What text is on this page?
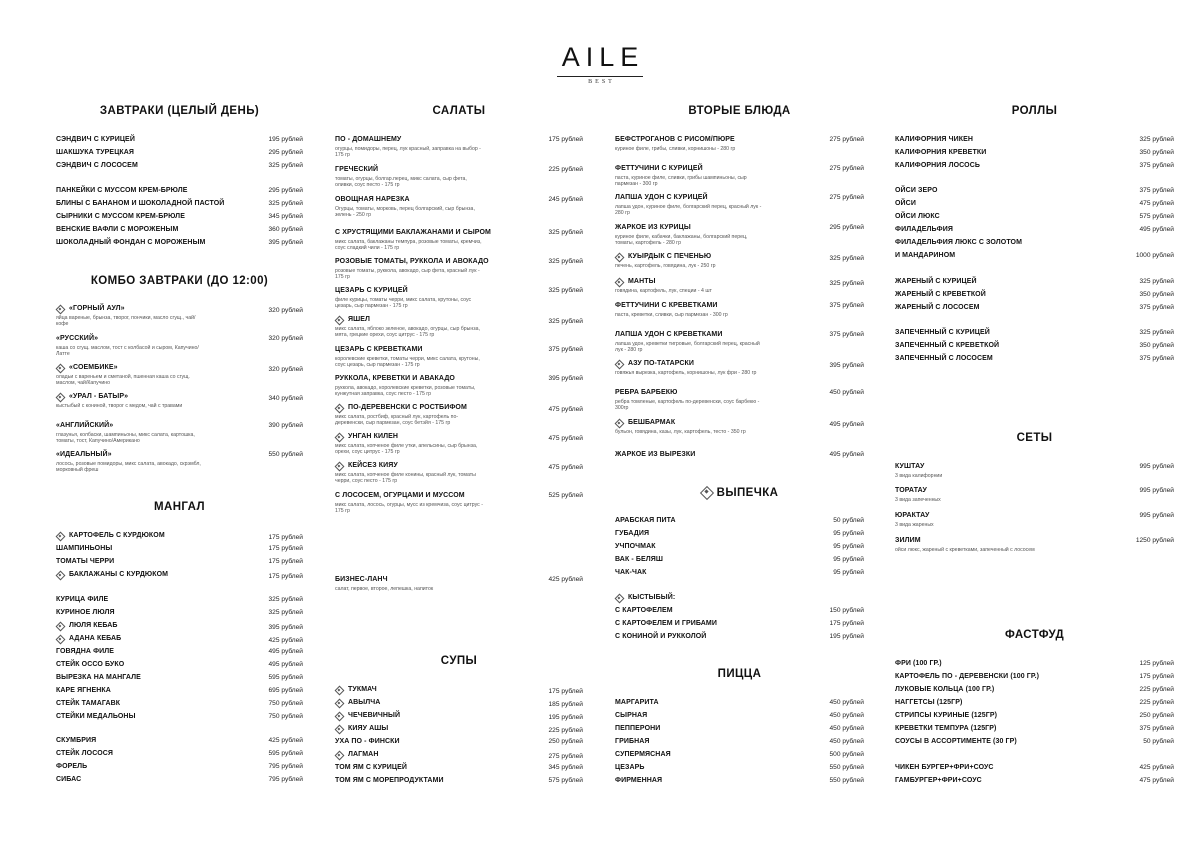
AILE
BEST
ЗАВТРАКИ (ЦЕЛЫЙ ДЕНЬ)
СЭНДВИЧ С КУРИЦЕЙ	195 рублей
ШАКШУКА ТУРЕЦКАЯ	295 рублей
СЭНДВИЧ С ЛОСОСЕМ	325 рублей
ПАНКЕЙКИ С МУССОМ КРЕМ-БРЮЛЕ	295 рублей
БЛИНЫ С БАНАНОМ И ШОКОЛАДНОЙ ПАСТОЙ	325 рублей
СЫРНИКИ С МУССОМ КРЕМ-БРЮЛЕ	345 рублей
ВЕНСКИЕ ВАФЛИ С МОРОЖЕНЫМ	360 рублей
ШОКОЛАДНЫЙ ФОНДАН С МОРОЖЕНЫМ	395 рублей
КОМБО ЗАВТРАКИ (ДО 12:00)
«ГОРНЫЙ АУЛ»	320 рублей
яйца вареные, брынза, творог, пончики, масло сгущ., чай/кофе
«РУССКИЙ»	320 рублей
каша со сгущ. маслом, тост с колбасой и сыром, Капучино/Латте
«СОЕМБИКЕ»	320 рублей
оладьи с вареньем и сметаной, пшенная каша со сгущ. маслом, чай/Капучино
«УРАЛ - БАТЫР»	340 рублей
кыстыбый с кониной, творог с медом, чай с травами
«АНГЛИЙСКИЙ»	390 рублей
глазунья, колбаски, шампиньоны, микс салата, картошка, томаты, тост, Капучино/Американо
«ИДЕАЛЬНЫЙ»	550 рублей
лосось, розовые помидоры, микс салата, авокадо, скрэмбл, морковный фреш
МАНГАЛ
КАРТОФЕЛЬ С КУРДЮКОМ	175 рублей
ШАМПИНЬОНЫ	175 рублей
ТОМАТЫ ЧЕРРИ	175 рублей
БАКЛАЖАНЫ С КУРДЮКОМ	175 рублей
КУРИЦА ФИЛЕ	325 рублей
КУРИНОЕ ЛЮЛЯ	325 рублей
ЛЮЛЯ КЕБАБ	395 рублей
АДАНА КЕБАБ	425 рублей
ГОВЯДНА ФИЛЕ	495 рублей
СТЕЙК ОССО БУКО	495 рублей
ВЫРЕЗКА НА МАНГАЛЕ	595 рублей
КАРЕ ЯГНЕНКА	695 рублей
СТЕЙК ТАМАГАВК	750 рублей
СТЕЙКИ МЕДАЛЬОНЫ	750 рублей
СКУМБРИЯ	425 рублей
СТЕЙК ЛОСОСЯ	595 рублей
ФОРЕЛЬ	795 рублей
СИБАС	795 рублей
САЛАТЫ
ПО - ДОМАШНЕМУ	175 рублей
огурцы, помидоры, перец, лук красный, заправка на выбор - 175 гр
ГРЕЧЕСКИЙ	225 рублей
томаты, огурцы, болгар.перец, микс салата, сыр фета, оливки, соус песто - 175 гр
ОВОЩНАЯ НАРЕЗКА	245 рублей
Огурцы, томаты, морковь, перец болгарский, сыр брынза, зелень - 250 гр
С ХРУСТЯЩИМИ БАКЛАЖАНАМИ И СЫРОМ	325 рублей
микс салата, баклажаны темпура, розовые томаты, кремчиз, соус сладкий чили - 175 гр
РОЗОВЫЕ ТОМАТЫ, РУККОЛА И АВОКАДО	325 рублей
розовые томаты, руккола, авокадо, сыр фета, красный лук - 175 гр
ЦЕЗАРЬ С КУРИЦЕЙ	325 рублей
филе курицы, томаты черри, микс салата, крутоны, соус цезарь, сыр пармезан - 175 гр
ЯШЕЛ	325 рублей
микс салата, яблоко зеленое, авокадо, огурцы, сыр брынза, мята, грецкие орехи, соус цитрус - 175 гр
ЦЕЗАРЬ С КРЕВЕТКАМИ	375 рублей
королевские креветки, томаты черри, микс салата, крутоны, соус цезарь, сыр пармезан - 175 гр
РУККОЛА, КРЕВЕТКИ И АВАКАДО	395 рублей
руккола, авокадо, королевские креветки, розовые томаты, кунжутная заправка, соус песто - 175 гр
ПО-ДЕРЕВЕНСКИ С РОСТБИФОМ	475 рублей
микс салата, ростбиф, красный лук, картофель по-деревенски, сыр пармезан, соус бетэйя - 175 гр
УНГАН КИЛЕН	475 рублей
микс салата, копченое филе утки, апельсины, сыр брынза, орехи, соус цитрус - 175 гр
КЕЙСЕЗ КИЯУ	475 рублей
микс салата, копченое филе конины, красный лук, томаты черри, соус песто - 175 гр
С ЛОСОСЕМ, ОГУРЦАМИ И МУССОМ	525 рублей
микс салата, лосось, огурцы, мусс из кремчиза, соус цитрус - 175 гр
БИЗНЕС-ЛАНЧ	425 рублей
салат, первое, второе, лепешка, напиток
СУПЫ
ТУКМАЧ	175 рублей
АВЫЛЧА	185 рублей
ЧЕЧЕВИЧНЫЙ	195 рублей
КИЯУ АШЫ	225 рублей
УХА ПО - ФИНСКИ	250 рублей
ЛАГМАН	275 рублей
ТОМ ЯМ С КУРИЦЕЙ	345 рублей
ТОМ ЯМ С МОРЕПРОДУКТАМИ	575 рублей
ВТОРЫЕ БЛЮДА
БЕФСТРОГАНОВ С РИСОМ/ПЮРЕ	275 рублей
куриное филе, грибы, сливки, корнишоны - 280 гр
ФЕТТУЧИНИ С КУРИЦЕЙ	275 рублей
паста, куриное филе, сливки, грибы шампиньоны, сыр пармезан - 300 гр
ЛАПША УДОН С КУРИЦЕЙ	275 рублей
лапша удон, куриное филе, болгарский перец, красный лук - 280 гр
ЖАРКОЕ ИЗ КУРИЦЫ	295 рублей
куриное филе, кабачки, баклажаны, болгарский перец, томаты, картофель - 280 гр
КУЫРДЫК С ПЕЧЕНЬЮ	325 рублей
печень, картофель, говядина, лук - 250 гр
МАНТЫ	325 рублей
говядина, картофель, лук, специи - 4 шт
ФЕТТУЧИНИ С КРЕВЕТКАМИ	375 рублей
паста, креветки, сливки, сыр пармезан - 300 гр
ЛАПША УДОН С КРЕВЕТКАМИ	375 рублей
лапша удон, креветки тигровые, болгарский перец, красный лук - 280 гр
АЗУ ПО-ТАТАРСКИ	395 рублей
говяжья вырезка, картофель, корнишоны, лук фри - 280 гр
РЕБРА БАРБЕКЮ	450 рублей
ребра томленые, картофель по-деревенски, соус барбекю - 300гр
БЕШБАРМАК	495 рублей
бульон, говядина, казы, лук, картофель, тесто - 350 гр
ЖАРКОЕ ИЗ ВЫРЕЗКИ	495 рублей
ВЫПЕЧКА
АРАБСКАЯ ПИТА	50 рублей
ГУБАДИЯ	95 рублей
УЧПОЧМАК	95 рублей
ВАК - БЕЛЯШ	95 рублей
ЧАК-ЧАК	95 рублей
КЫСТЫБЫЙ:
С КАРТОФЕЛЕМ	150 рублей
С КАРТОФЕЛЕМ И ГРИБАМИ	175 рублей
С КОНИНОЙ И РУККОЛОЙ	195 рублей
ПИЦЦА
МАРГАРИТА	450 рублей
СЫРНАЯ	450 рублей
ПЕППЕРОНИ	450 рублей
ГРИБНАЯ	450 рублей
СУПЕРМЯСНАЯ	500 рублей
ЦЕЗАРЬ	550 рублей
ФИРМЕННАЯ	550 рублей
РОЛЛЫ
КАЛИФОРНИЯ ЧИКЕН	325 рублей
КАЛИФОРНИЯ КРЕВЕТКИ	350 рублей
КАЛИФОРНИЯ ЛОСОСЬ	375 рублей
ОЙСИ ЗЕРО	375 рублей
ОЙСИ	475 рублей
ОЙСИ ЛЮКС	575 рублей
ФИЛАДЕЛЬФИЯ	495 рублей
ФИЛАДЕЛЬФИЯ ЛЮКС С ЗОЛОТОМ
И МАНДАРИНОМ	1000 рублей
ЖАРЕНЫЙ С КУРИЦЕЙ	325 рублей
ЖАРЕНЫЙ С КРЕВЕТКОЙ	350 рублей
ЖАРЕНЫЙ С ЛОСОСЕМ	375 рублей
ЗАПЕЧЕННЫЙ С КУРИЦЕЙ	325 рублей
ЗАПЕЧЕННЫЙ С КРЕВЕТКОЙ	350 рублей
ЗАПЕЧЕННЫЙ С ЛОСОСЕМ	375 рублей
СЕТЫ
КУШТАУ	995 рублей
3 вида калифорнии
ТОРАТАУ	995 рублей
3 вида запеченных
ЮРАКТАУ	995 рублей
3 вида жареных
ЗИЛИМ	1250 рублей
ойси люкс, жареный с креветками, запеченный с лососем
ФАСТФУД
ФРИ (100 ГР.)	125 рублей
КАРТОФЕЛЬ ПО - ДЕРЕВЕНСКИ (100 ГР.)	175 рублей
ЛУКОВЫЕ КОЛЬЦА (100 ГР.)	225 рублей
НАГГЕТСЫ (125ГР)	225 рублей
СТРИПСЫ КУРИНЫЕ (125ГР)	250 рублей
КРЕВЕТКИ ТЕМПУРА (125ГР)	375 рублей
СОУСЫ В АССОРТИМЕНТЕ (30 ГР)	50 рублей
ЧИКЕН БУРГЕР+ФРИ+СОУС	425 рублей
ГАМБУРГЕР+ФРИ+СОУС	475 рублей
